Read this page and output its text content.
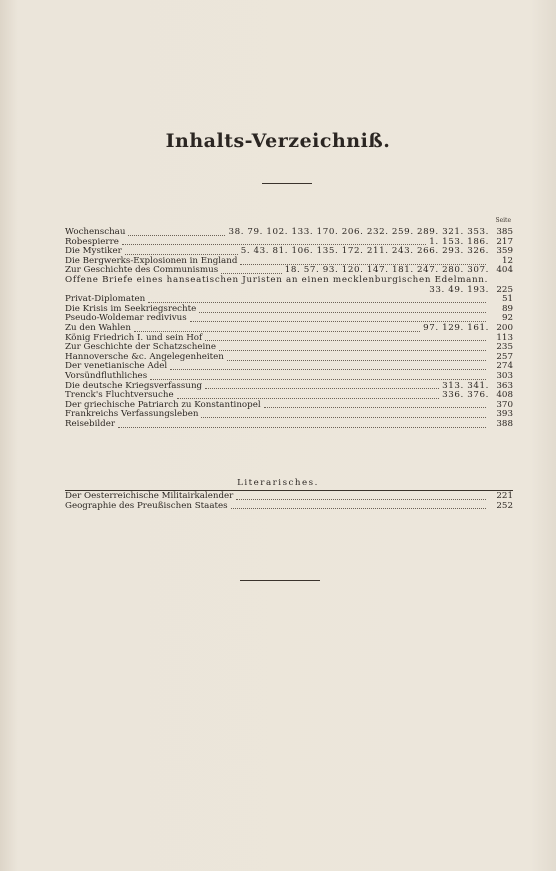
Inhalts-Verzeichniß.
Seite
Wochenschau	38. 79. 102. 133. 170. 206. 232. 259. 289. 321. 353. 385
Robespierre	1. 153. 186. 217
Die Mystiker	5. 43. 81. 106. 135. 172. 211. 243. 266. 293. 326. 359
Die Bergwerks-Explosionen in England	12
Zur Geschichte des Communismus	18. 57. 93. 120. 147. 181. 247. 280. 307. 404
Offene Briefe eines hanseatischen Juristen an einen mecklenburgischen Edelmann.
33. 49. 193. 225
Privat-Diplomaten	51
Die Krisis im Seekriegsrechte	89
Pseudo-Woldemar redivivus	92
Zu den Wahlen	97. 129. 161. 200
König Friedrich I. und sein Hof	113
Zur Geschichte der Schatzscheine	235
Hannoversche &c. Angelegenheiten	257
Der venetianische Adel	274
Vorsündfluthliches	303
Die deutsche Kriegsverfassung	313. 341. 363
Trenck's Fluchtversuche	336. 376. 408
Der griechische Patriarch zu Konstantinopel	370
Frankreichs Verfassungsleben	393
Reisebilder	388
Literarisches.
Der Oesterreichische Militairkalender	221
Geographie des Preußischen Staates	252
